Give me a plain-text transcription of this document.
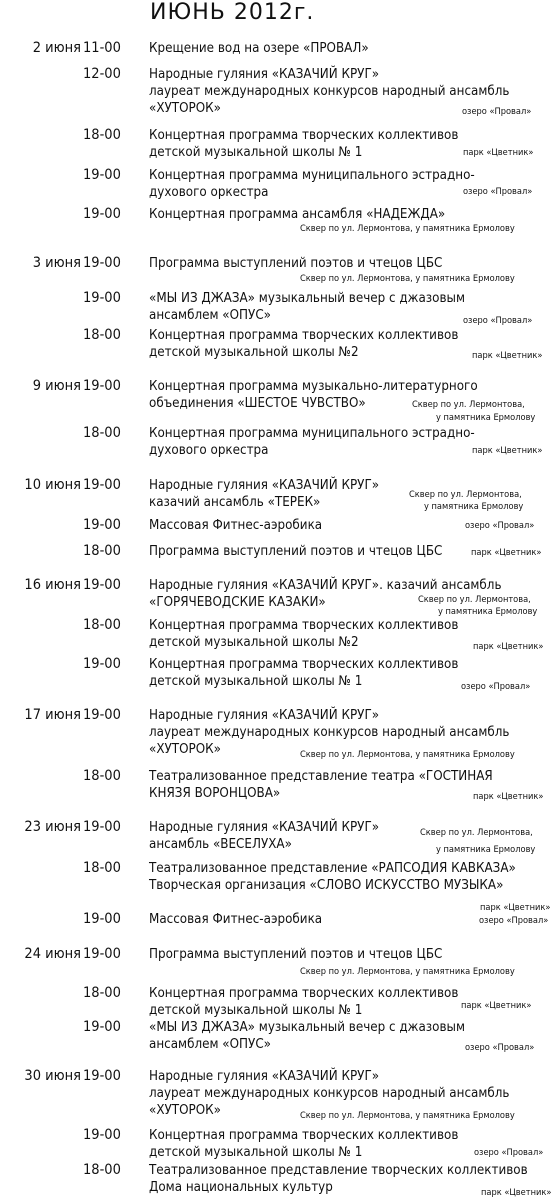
ИЮНЬ 2012г.
2 июня 11-00 Крещение вод на озере «ПРОВАЛ»
12-00 Народные гуляния «КАЗАЧИЙ КРУГ»
лауреат международных конкурсов народный ансамбль
«ХУТОРОК»	озеро «Провал»
18-00 Концертная программа творческих коллективов
детской музыкальной школы № 1	парк «Цветник»
19-00 Концертная программа муниципального эстрадно-
духового оркестра	озеро «Провал»
19-00 Концертная программа ансамбля «НАДЕЖДА»
Сквер по ул. Лермонтова, у памятника Ермолову
3 июня 19-00 Программа выступлений поэтов и чтецов ЦБС
Сквер по ул. Лермонтова, у памятника Ермолову
19-00 «МЫ ИЗ ДЖАЗА» музыкальный вечер с джазовым
ансамблем «ОПУС»	озеро «Провал»
18-00 Концертная программа творческих коллективов
детской музыкальной школы №2	парк «Цветник»
9 июня 19-00 Концертная программа музыкально-литературного
объединения «ШЕСТОЕ ЧУВСТВО»	Сквер по ул. Лермонтова,
у памятника Ермолову
18-00 Концертная программа муниципального эстрадно-
духового оркестра	парк «Цветник»
10 июня 19-00 Народные гуляния «КАЗАЧИЙ КРУГ»
казачий ансамбль «ТЕРЕК»
Сквер по ул. Лермонтова,
у памятника Ермолову
19-00 Массовая Фитнес-аэробика	озеро «Провал»
18-00 Программа выступлений поэтов и чтецов ЦБС	парк «Цветник»
16 июня 19-00 Народные гуляния «КАЗАЧИЙ КРУГ». казачий ансамбль
«ГОРЯЧЕВОДСКИЕ КАЗАКИ»	Сквер по ул. Лермонтова,
у памятника Ермолову
18-00 Концертная программа творческих коллективов
детской музыкальной школы №2	парк «Цветник»
19-00 Концертная программа творческих коллективов
детской музыкальной школы № 1	озеро «Провал»
17 июня 19-00 Народные гуляния «КАЗАЧИЙ КРУГ»
лауреат международных конкурсов народный ансамбль
«ХУТОРОК»	Сквер по ул. Лермонтова, у памятника Ермолову
18-00 Театрализованное представление театра «ГОСТИНАЯ
КНЯЗЯ ВОРОНЦОВА»	парк «Цветник»
23 июня 19-00 Народные гуляния «КАЗАЧИЙ КРУГ»
ансамбль «ВЕСЕЛУХА»
Сквер по ул. Лермонтова,
у памятника Ермолову
18-00 Театрализованное представление «РАПСОДИЯ КАВКАЗА»
Творческая организация «СЛОВО ИСКУССТВО МУЗЫКА»
парк «Цветник»
19-00 Массовая Фитнес-аэробика	озеро «Провал»
24 июня 19-00 Программа выступлений поэтов и чтецов ЦБС
Сквер по ул. Лермонтова, у памятника Ермолову
18-00 Концертная программа творческих коллективов
детской музыкальной школы № 1	парк «Цветник»
19-00 «МЫ ИЗ ДЖАЗА» музыкальный вечер с джазовым
ансамблем «ОПУС»	озеро «Провал»
30 июня 19-00 Народные гуляния «КАЗАЧИЙ КРУГ»
лауреат международных конкурсов народный ансамбль
«ХУТОРОК»	Сквер по ул. Лермонтова, у памятника Ермолову
19-00 Концертная программа творческих коллективов
детской музыкальной школы № 1	озеро «Провал»
18-00 Театрализованное представление творческих коллективов
Дома национальных культур	парк «Цветник»
